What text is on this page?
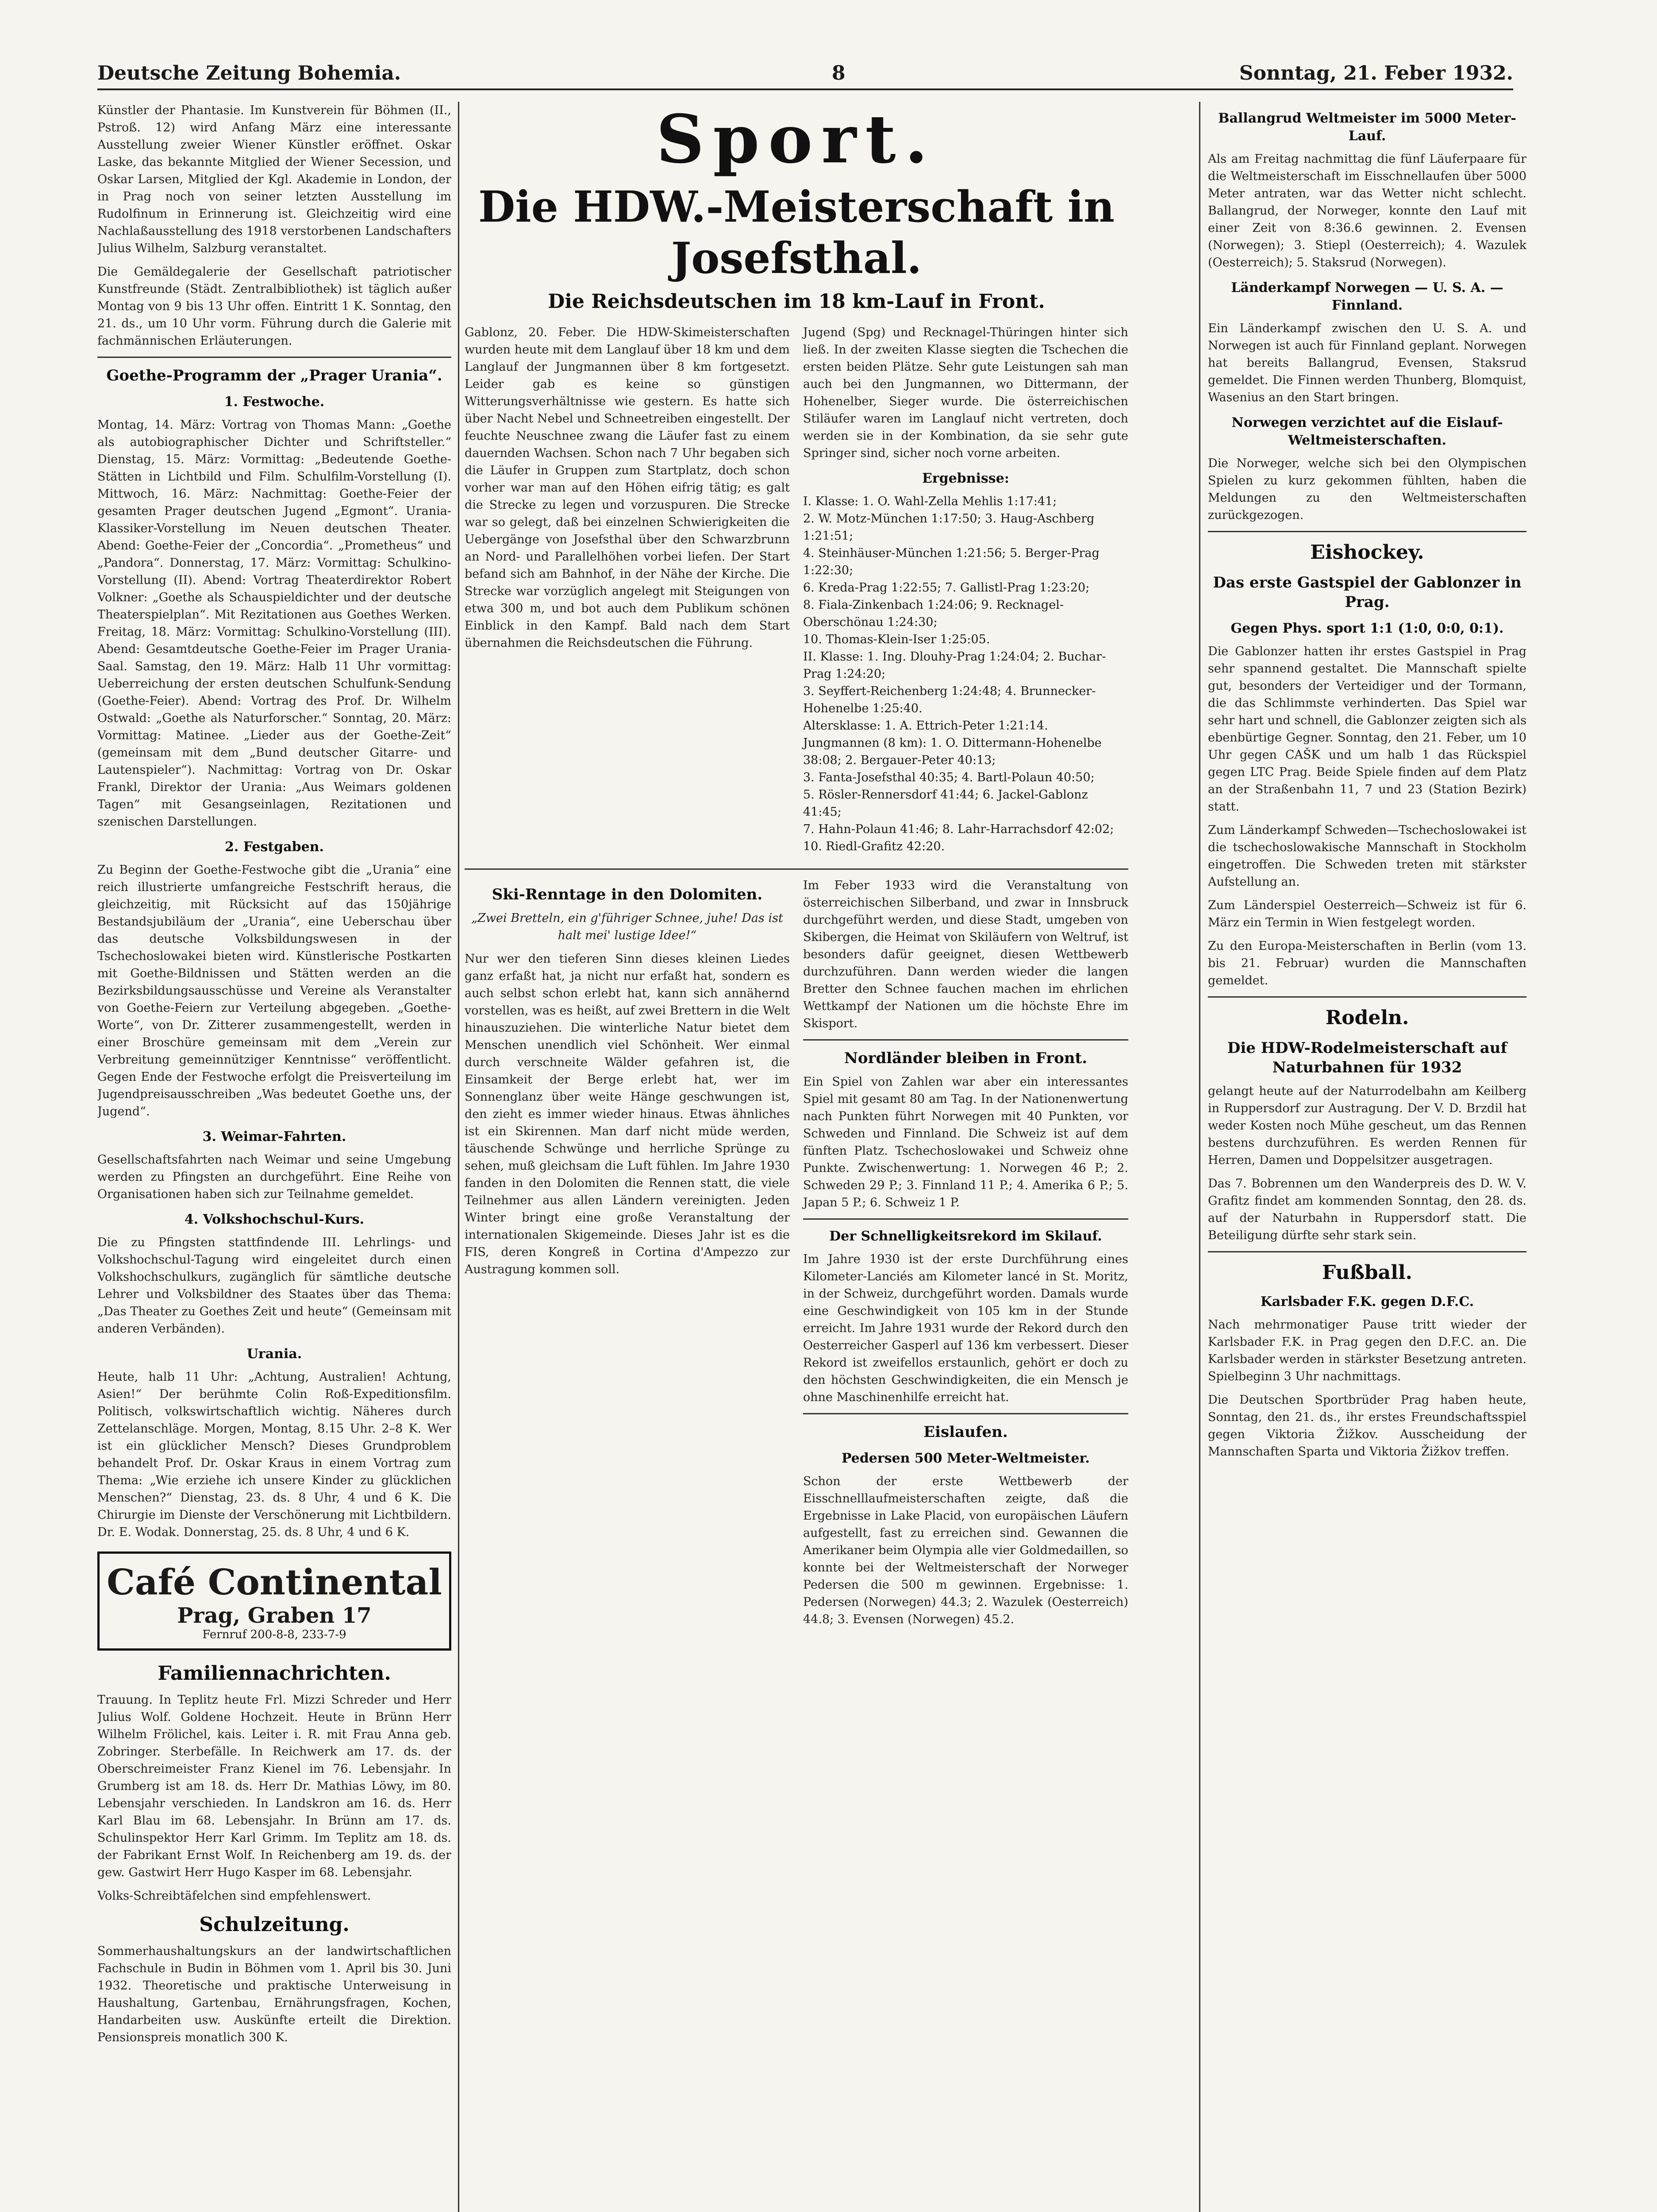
Deutsche Zeitung Bohemia.	8	Sonntag, 21. Feber 1932.

Künstler der Phantasie. Im Kunstverein für Böhmen (II., Pstroß. 12) wird Anfang März eine interessante Ausstellung zweier Wiener Künstler eröffnet. Oskar Laske, das bekannte Mitglied der Wiener Secession, und Oskar Larsen, Mitglied der Kgl. Akademie in London, der in Prag noch von seiner letzten Ausstellung im Rudolfinum in Erinnerung ist. Gleichzeitig wird eine Nachlaßausstellung des 1918 verstorbenen Landschafters Julius Wilhelm, Salzburg veranstaltet.

Die Gemäldegalerie der Gesellschaft patriotischer Kunstfreunde (Städt. Zentralbibliothek) ist täglich außer Montag von 9 bis 13 Uhr offen. Eintritt 1 K. Sonntag, den 21. ds., um 10 Uhr vorm. Führung durch die Galerie mit fachmännischen Erläuterungen.

Goethe-Programm der „Prager Urania“.
1. Festwoche.

Montag, 14. März: Vortrag von Thomas Mann: „Goethe als autobiographischer Dichter und Schriftsteller.“ Dienstag, 15. März: Vormittag: „Bedeutende Goethe-Stätten in Lichtbild und Film. Schulfilm-Vorstellung (I). Mittwoch, 16. März: Nachmittag: Goethe-Feier der gesamten Prager deutschen Jugend „Egmont“. Urania-Klassiker-Vorstellung im Neuen deutschen Theater. Abend: Goethe-Feier der „Concordia“. „Prometheus“ und „Pandora“. Donnerstag, 17. März: Vormittag: Schulkino-Vorstellung (II). Abend: Vortrag Theaterdirektor Robert Volkner: „Goethe als Schauspieldichter und der deutsche Theaterspielplan“. Mit Rezitationen aus Goethes Werken. Freitag, 18. März: Vormittag: Schulkino-Vorstellung (III). Abend: Gesamtdeutsche Goethe-Feier im Prager Urania-Saal. Samstag, den 19. März: Halb 11 Uhr vormittag: Ueberreichung der ersten deutschen Schulfunk-Sendung (Goethe-Feier). Abend: Vortrag des Prof. Dr. Wilhelm Ostwald: „Goethe als Naturforscher.“ Sonntag, 20. März: Vormittag: Matinee. „Lieder aus der Goethe-Zeit“ (gemeinsam mit dem „Bund deutscher Gitarre- und Lautenspieler“). Nachmittag: Vortrag von Dr. Oskar Frankl, Direktor der Urania: „Aus Weimars goldenen Tagen“ mit Gesangseinlagen, Rezitationen und szenischen Darstellungen.

2. Festgaben.

Zu Beginn der Goethe-Festwoche gibt die „Urania“ eine reich illustrierte umfangreiche Festschrift heraus, die gleichzeitig, mit Rücksicht auf das 150jährige Bestandsjubiläum der „Urania“, eine Ueberschau über das deutsche Volksbildungswesen in der Tschechoslowakei bieten wird. Künstlerische Postkarten mit Goethe-Bildnissen und Stätten werden an die Bezirksbildungsausschüsse und Vereine als Veranstalter von Goethe-Feiern zur Verteilung abgegeben. „Goethe-Worte“, von Dr. Zitterer zusammengestellt, werden in einer Broschüre gemeinsam mit dem „Verein zur Verbreitung gemeinnütziger Kenntnisse“ veröffentlicht. Gegen Ende der Festwoche erfolgt die Preisverteilung im Jugendpreisausschreiben „Was bedeutet Goethe uns, der Jugend“.

3. Weimar-Fahrten.

Gesellschaftsfahrten nach Weimar und seine Umgebung werden zu Pfingsten an durchgeführt. Eine Reihe von Organisationen haben sich zur Teilnahme gemeldet.

4. Volkshochschul-Kurs.

Die zu Pfingsten stattfindende III. Lehrlings- und Volkshochschul-Tagung wird eingeleitet durch einen Volkshochschulkurs, zugänglich für sämtliche deutsche Lehrer und Volksbildner des Staates über das Thema: „Das Theater zu Goethes Zeit und heute“ (Gemeinsam mit anderen Verbänden).

Urania.

Heute, halb 11 Uhr: „Achtung, Australien! Achtung, Asien!“ Der berühmte Colin Roß-Expeditionsfilm. Politisch, volkswirtschaftlich wichtig. Näheres durch Zettelanschläge. Morgen, Montag, 8.15 Uhr. 2–8 K. Wer ist ein glücklicher Mensch? Dieses Grundproblem behandelt Prof. Dr. Oskar Kraus in einem Vortrag zum Thema: „Wie erziehe ich unsere Kinder zu glücklichen Menschen?“ Dienstag, 23. ds. 8 Uhr, 4 und 6 K. Die Chirurgie im Dienste der Verschönerung mit Lichtbildern. Dr. E. Wodak. Donnerstag, 25. ds. 8 Uhr, 4 und 6 K.

Café Continental
Prag, Graben 17
Fernruf 200-8-8, 233-7-9
Familiennachrichten.

Trauung. In Teplitz heute Frl. Mizzi Schreder und Herr Julius Wolf. Goldene Hochzeit. Heute in Brünn Herr Wilhelm Frölichel, kais. Leiter i. R. mit Frau Anna geb. Zobringer. Sterbefälle. In Reichwerk am 17. ds. der Oberschreimeister Franz Kienel im 76. Lebensjahr. In Grumberg ist am 18. ds. Herr Dr. Mathias Löwy, im 80. Lebensjahr verschieden. In Landskron am 16. ds. Herr Karl Blau im 68. Lebensjahr. In Brünn am 17. ds. Schulinspektor Herr Karl Grimm. Im Teplitz am 18. ds. der Fabrikant Ernst Wolf. In Reichenberg am 19. ds. der gew. Gastwirt Herr Hugo Kasper im 68. Lebensjahr.

Volks-Schreibtäfelchen sind empfehlenswert.

Schulzeitung.

Sommerhaushaltungskurs an der landwirtschaftlichen Fachschule in Budin in Böhmen vom 1. April bis 30. Juni 1932. Theoretische und praktische Unterweisung in Haushaltung, Gartenbau, Ernährungsfragen, Kochen, Handarbeiten usw. Auskünfte erteilt die Direktion. Pensionspreis monatlich 300 K.

Sport.
Die HDW.-Meisterschaft in Josefsthal.
Die Reichsdeutschen im 18 km-Lauf in Front.

Gablonz, 20. Feber. Die HDW-Skimeisterschaften wurden heute mit dem Langlauf über 18 km und dem Langlauf der Jungmannen über 8 km fortgesetzt. Leider gab es keine so günstigen Witterungsverhältnisse wie gestern. Es hatte sich über Nacht Nebel und Schneetreiben eingestellt. Der feuchte Neuschnee zwang die Läufer fast zu einem dauernden Wachsen. Schon nach 7 Uhr begaben sich die Läufer in Gruppen zum Startplatz, doch schon vorher war man auf den Höhen eifrig tätig; es galt die Strecke zu legen und vorzuspuren. Die Strecke war so gelegt, daß bei einzelnen Schwierigkeiten die Uebergänge von Josefsthal über den Schwarzbrunn an Nord- und Parallelhöhen vorbei liefen. Der Start befand sich am Bahnhof, in der Nähe der Kirche. Die Strecke war vorzüglich angelegt mit Steigungen von etwa 300 m, und bot auch dem Publikum schönen Einblick in den Kampf. Bald nach dem Start übernahmen die Reichsdeutschen die Führung.

Jugend (Spg) und Recknagel-Thüringen hinter sich ließ. In der zweiten Klasse siegten die Tschechen die ersten beiden Plätze. Sehr gute Leistungen sah man auch bei den Jungmannen, wo Dittermann, der Hohenelber, Sieger wurde. Die österreichischen Stiläufer waren im Langlauf nicht vertreten, doch werden sie in der Kombination, da sie sehr gute Springer sind, sicher noch vorne arbeiten.

Ergebnisse:
I. Klasse: 1. O. Wahl-Zella Mehlis 1:17:41;
2. W. Motz-München 1:17:50; 3. Haug-Aschberg 1:21:51;
4. Steinhäuser-München 1:21:56; 5. Berger-Prag 1:22:30;
6. Kreda-Prag 1:22:55; 7. Gallistl-Prag 1:23:20;
8. Fiala-Zinkenbach 1:24:06; 9. Recknagel-Oberschönau 1:24:30;
10. Thomas-Klein-Iser 1:25:05.
II. Klasse: 1. Ing. Dlouhy-Prag 1:24:04; 2. Buchar-Prag 1:24:20;
3. Seyffert-Reichenberg 1:24:48; 4. Brunnecker-Hohenelbe 1:25:40.
Altersklasse: 1. A. Ettrich-Peter 1:21:14.
Jungmannen (8 km): 1. O. Dittermann-Hohenelbe 38:08; 2. Bergauer-Peter 40:13;
3. Fanta-Josefsthal 40:35; 4. Bartl-Polaun 40:50;
5. Rösler-Rennersdorf 41:44; 6. Jackel-Gablonz 41:45;
7. Hahn-Polaun 41:46; 8. Lahr-Harrachsdorf 42:02;
10. Riedl-Grafitz 42:20.
Ski-Renntage in den Dolomiten.

„Zwei Bretteln, ein g'führiger Schnee, juhe! Das ist halt mei' lustige Idee!“

Nur wer den tieferen Sinn dieses kleinen Liedes ganz erfaßt hat, ja nicht nur erfaßt hat, sondern es auch selbst schon erlebt hat, kann sich annähernd vorstellen, was es heißt, auf zwei Brettern in die Welt hinauszuziehen. Die winterliche Natur bietet dem Menschen unendlich viel Schönheit. Wer einmal durch verschneite Wälder gefahren ist, die Einsamkeit der Berge erlebt hat, wer im Sonnenglanz über weite Hänge geschwungen ist, den zieht es immer wieder hinaus. Etwas ähnliches ist ein Skirennen. Man darf nicht müde werden, täuschende Schwünge und herrliche Sprünge zu sehen, muß gleichsam die Luft fühlen. Im Jahre 1930 fanden in den Dolomiten die Rennen statt, die viele Teilnehmer aus allen Ländern vereinigten. Jeden Winter bringt eine große Veranstaltung der internationalen Skigemeinde. Dieses Jahr ist es die FIS, deren Kongreß in Cortina d'Ampezzo zur Austragung kommen soll.

Im Feber 1933 wird die Veranstaltung von österreichischen Silberband, und zwar in Innsbruck durchgeführt werden, und diese Stadt, umgeben von Skibergen, die Heimat von Skiläufern von Weltruf, ist besonders dafür geeignet, diesen Wettbewerb durchzuführen. Dann werden wieder die langen Bretter den Schnee fauchen machen im ehrlichen Wettkampf der Nationen um die höchste Ehre im Skisport.

Nordländer bleiben in Front.

Ein Spiel von Zahlen war aber ein interessantes Spiel mit gesamt 80 am Tag. In der Nationenwertung nach Punkten führt Norwegen mit 40 Punkten, vor Schweden und Finnland. Die Schweiz ist auf dem fünften Platz. Tschechoslowakei und Schweiz ohne Punkte. Zwischenwertung: 1. Norwegen 46 P.; 2. Schweden 29 P.; 3. Finnland 11 P.; 4. Amerika 6 P.; 5. Japan 5 P.; 6. Schweiz 1 P.

Der Schnelligkeitsrekord im Skilauf.

Im Jahre 1930 ist der erste Durchführung eines Kilometer-Lanciés am Kilometer lancé in St. Moritz, in der Schweiz, durchgeführt worden. Damals wurde eine Geschwindigkeit von 105 km in der Stunde erreicht. Im Jahre 1931 wurde der Rekord durch den Oesterreicher Gasperl auf 136 km verbessert. Dieser Rekord ist zweifellos erstaunlich, gehört er doch zu den höchsten Geschwindigkeiten, die ein Mensch je ohne Maschinenhilfe erreicht hat.

Eislaufen.
Pedersen 500 Meter-Weltmeister.

Schon der erste Wettbewerb der Eisschnelllaufmeisterschaften zeigte, daß die Ergebnisse in Lake Placid, von europäischen Läufern aufgestellt, fast zu erreichen sind. Gewannen die Amerikaner beim Olympia alle vier Goldmedaillen, so konnte bei der Weltmeisterschaft der Norweger Pedersen die 500 m gewinnen. Ergebnisse: 1. Pedersen (Norwegen) 44.3; 2. Wazulek (Oesterreich) 44.8; 3. Evensen (Norwegen) 45.2.

Ballangrud Weltmeister im 5000 Meter-Lauf.

Als am Freitag nachmittag die fünf Läuferpaare für die Weltmeisterschaft im Eisschnellaufen über 5000 Meter antraten, war das Wetter nicht schlecht. Ballangrud, der Norweger, konnte den Lauf mit einer Zeit von 8:36.6 gewinnen. 2. Evensen (Norwegen); 3. Stiepl (Oesterreich); 4. Wazulek (Oesterreich); 5. Staksrud (Norwegen).

Länderkampf Norwegen — U. S. A. — Finnland.

Ein Länderkampf zwischen den U. S. A. und Norwegen ist auch für Finnland geplant. Norwegen hat bereits Ballangrud, Evensen, Staksrud gemeldet. Die Finnen werden Thunberg, Blomquist, Wasenius an den Start bringen.

Norwegen verzichtet auf die Eislauf-Weltmeisterschaften.

Die Norweger, welche sich bei den Olympischen Spielen zu kurz gekommen fühlten, haben die Meldungen zu den Weltmeisterschaften zurückgezogen.

Eishockey.
Das erste Gastspiel der Gablonzer in Prag.
Gegen Phys. sport 1:1 (1:0, 0:0, 0:1).

Die Gablonzer hatten ihr erstes Gastspiel in Prag sehr spannend gestaltet. Die Mannschaft spielte gut, besonders der Verteidiger und der Tormann, die das Schlimmste verhinderten. Das Spiel war sehr hart und schnell, die Gablonzer zeigten sich als ebenbürtige Gegner. Sonntag, den 21. Feber, um 10 Uhr gegen CAŠK und um halb 1 das Rückspiel gegen LTC Prag. Beide Spiele finden auf dem Platz an der Straßenbahn 11, 7 und 23 (Station Bezirk) statt.

Zum Länderkampf Schweden—Tschechoslowakei ist die tschechoslowakische Mannschaft in Stockholm eingetroffen. Die Schweden treten mit stärkster Aufstellung an.

Zum Länderspiel Oesterreich—Schweiz ist für 6. März ein Termin in Wien festgelegt worden.

Zu den Europa-Meisterschaften in Berlin (vom 13. bis 21. Februar) wurden die Mannschaften gemeldet.

Rodeln.
Die HDW-Rodelmeisterschaft auf Naturbahnen für 1932

gelangt heute auf der Naturrodelbahn am Keilberg in Ruppersdorf zur Austragung. Der V. D. Brzdil hat weder Kosten noch Mühe gescheut, um das Rennen bestens durchzuführen. Es werden Rennen für Herren, Damen und Doppelsitzer ausgetragen.

Das 7. Bobrennen um den Wanderpreis des D. W. V. Grafitz findet am kommenden Sonntag, den 28. ds. auf der Naturbahn in Ruppersdorf statt. Die Beteiligung dürfte sehr stark sein.

Fußball.
Karlsbader F.K. gegen D.F.C.

Nach mehrmonatiger Pause tritt wieder der Karlsbader F.K. in Prag gegen den D.F.C. an. Die Karlsbader werden in stärkster Besetzung antreten. Spielbeginn 3 Uhr nachmittags.

Die Deutschen Sportbrüder Prag haben heute, Sonntag, den 21. ds., ihr erstes Freundschaftsspiel gegen Viktoria Žižkov. Ausscheidung der Mannschaften Sparta und Viktoria Žižkov treffen.
